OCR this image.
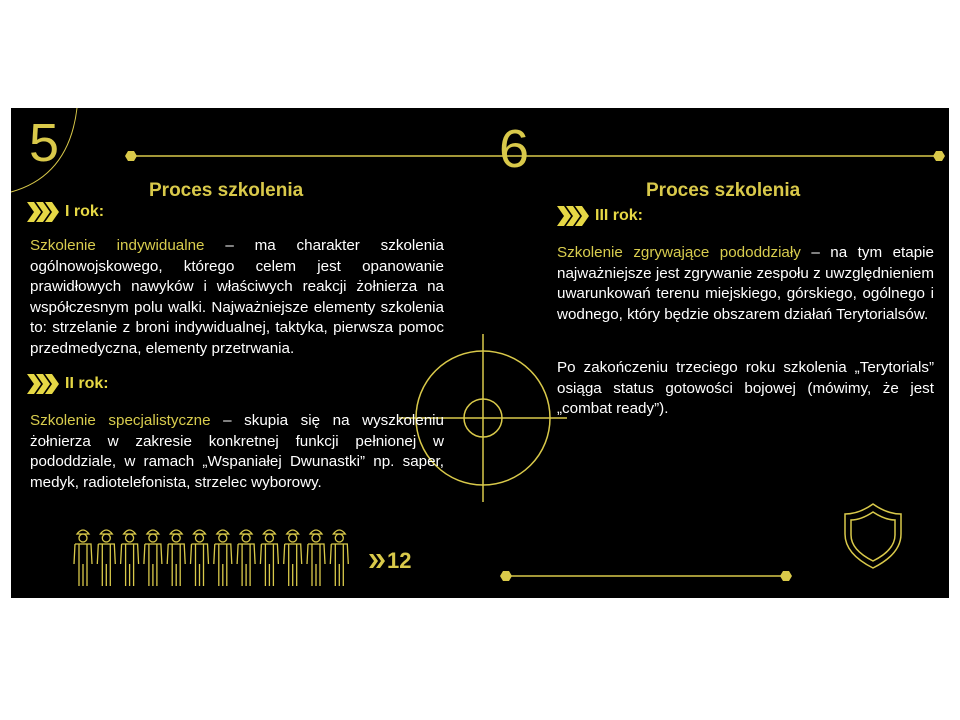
5	6
Proces szkolenia	Proces szkolenia
I rok:
Szkolenie indywidualne – ma charakter szkolenia ogólnowojskowego, którego celem jest opanowanie prawidłowych nawyków i właściwych reakcji żołnierza na współczesnym polu walki. Najważniejsze elementy szkolenia to: strzelanie z broni indywidualnej, taktyka, pierwsza pomoc przedmedyczna, elementy przetrwania.
II rok:
Szkolenie specjalistyczne – skupia się na wyszkoleniu żołnierza w zakresie konkretnej funkcji pełnionej w pododdziale, w ramach „Wspaniałej Dwunastki” np. saper, medyk, radiotelefonista, strzelec wyborowy.
III rok:
Szkolenie zgrywające pododdziały – na tym etapie najważniejsze jest zgrywanie zespołu z uwzględnieniem uwarunkowań terenu miejskiego, górskiego, ogólnego i wodnego, który będzie obszarem działań Terytorialsów.
Po zakończeniu trzeciego roku szkolenia „Terytorials” osiąga status gotowości bojowej (mówimy, że jest „combat ready”).
12
